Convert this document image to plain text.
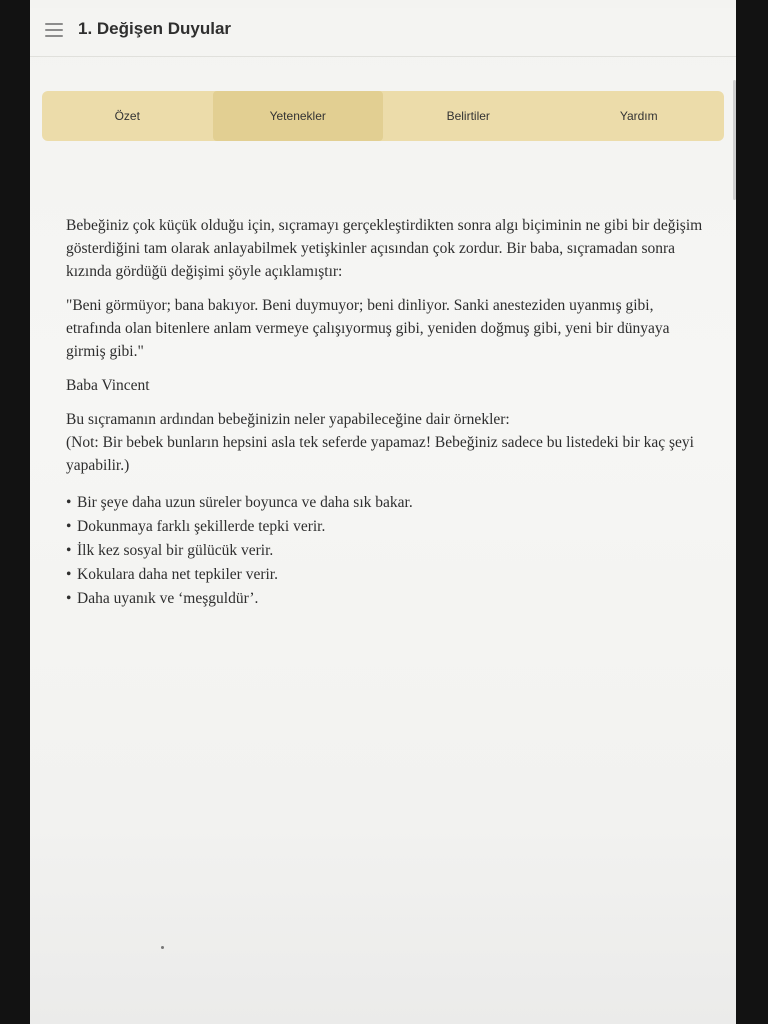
1. Değişen Duyular
Özet	Yetenekler	Belirtiler	Yardım

Bebeğiniz çok küçük olduğu için, sıçramayı gerçekleştirdikten sonra algı biçiminin ne gibi bir değişim gösterdiğini tam olarak anlayabilmek yetişkinler açısından çok zordur. Bir baba, sıçramadan sonra kızında gördüğü değişimi şöyle açıklamıştır:

"Beni görmüyor; bana bakıyor. Beni duymuyor; beni dinliyor. Sanki anesteziden uyanmış gibi, etrafında olan bitenlere anlam vermeye çalışıyormuş gibi, yeniden doğmuş gibi, yeni bir dünyaya girmiş gibi."

Baba Vincent

Bu sıçramanın ardından bebeğinizin neler yapabileceğine dair örnekler:
(Not: Bir bebek bunların hepsini asla tek seferde yapamaz! Bebeğiniz sadece bu listedeki bir kaç şeyi yapabilir.)

• Bir şeye daha uzun süreler boyunca ve daha sık bakar.
• Dokunmaya farklı şekillerde tepki verir.
• İlk kez sosyal bir gülücük verir.
• Kokulara daha net tepkiler verir.
• Daha uyanık ve ‘meşguldür’.
